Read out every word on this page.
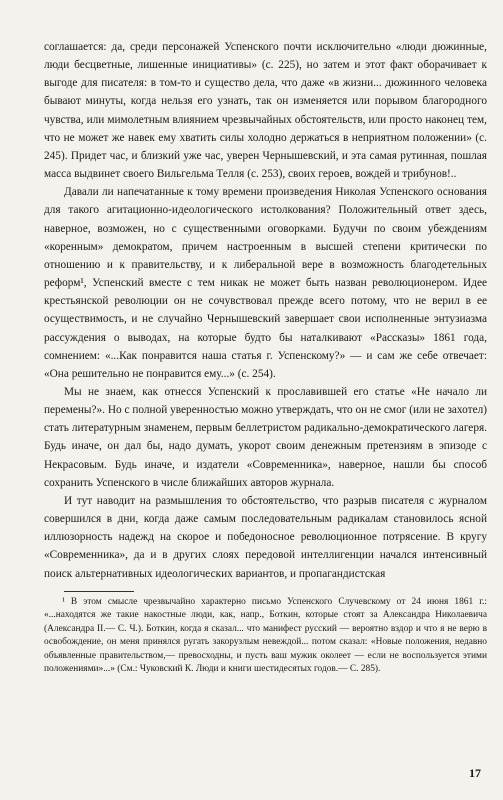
соглашается: да, среди персонажей Успенского почти исключительно «люди дюжинные, люди бесцветные, лишенные инициативы» (с. 225), но затем и этот факт оборачивает к выгоде для писателя: в том-то и существо дела, что даже «в жизни... дюжинного человека бывают минуты, когда нельзя его узнать, так он изменяется или порывом благородного чувства, или мимолетным влиянием чрезвычайных обстоятельств, или просто наконец тем, что не может же навек ему хватить силы холодно держаться в неприятном положении» (с. 245). Придет час, и близкий уже час, уверен Чернышевский, и эта самая рутинная, пошлая масса выдвинет своего Вильгельма Телля (с. 253), своих героев, вождей и трибунов!..

Давали ли напечатанные к тому времени произведения Николая Успенского основания для такого агитационно-идеологического истолкования? Положительный ответ здесь, наверное, возможен, но с существенными оговорками. Будучи по своим убеждениям «коренным» демократом, причем настроенным в высшей степени критически по отношению и к правительству, и к либеральной вере в возможность благодетельных реформ¹, Успенский вместе с тем никак не может быть назван революционером. Идее крестьянской революции он не сочувствовал прежде всего потому, что не верил в ее осуществимость, и не случайно Чернышевский завершает свои исполненные энтузиазма рассуждения о выводах, на которые будто бы наталкивают «Рассказы» 1861 года, сомнением: «...Как понравится наша статья г. Успенскому?» — и сам же себе отвечает: «Она решительно не понравится ему...» (с. 254).

Мы не знаем, как отнесся Успенский к прославившей его статье «Не начало ли перемены?». Но с полной уверенностью можно утверждать, что он не смог (или не захотел) стать литературным знаменем, первым беллетристом радикально-демократического лагеря. Будь иначе, он дал бы, надо думать, укорот своим денежным претензиям в эпизоде с Некрасовым. Будь иначе, и издатели «Современника», наверное, нашли бы способ сохранить Успенского в числе ближайших авторов журнала.

И тут наводит на размышления то обстоятельство, что разрыв писателя с журналом совершился в дни, когда даже самым последовательным радикалам становилось ясной иллюзорность надежд на скорое и победоносное революционное потрясение. В кругу «Современника», да и в других слоях передовой интеллигенции начался интенсивный поиск альтернативных идеологических вариантов, и пропагандистская

¹ В этом смысле чрезвычайно характерно письмо Успенского Случевскому от 24 июня 1861 г.: «...находятся же такие накостные люди, как, напр., Боткин, которые стоят за Александра Николаевича (Александра II.— С. Ч.). Боткин, когда я сказал... что манифест русский — вероятно вздор и что я не верю в освобождение, он меня принялся ругать закорузлым невеждой... потом сказал: «Новые положения, недавно объявленные правительством,— превосходны, и пусть ваш мужик околеет — если не воспользуется этими положениями»...» (См.: Чуковский К. Люди и книги шестидесятых годов.— С. 285).

17
